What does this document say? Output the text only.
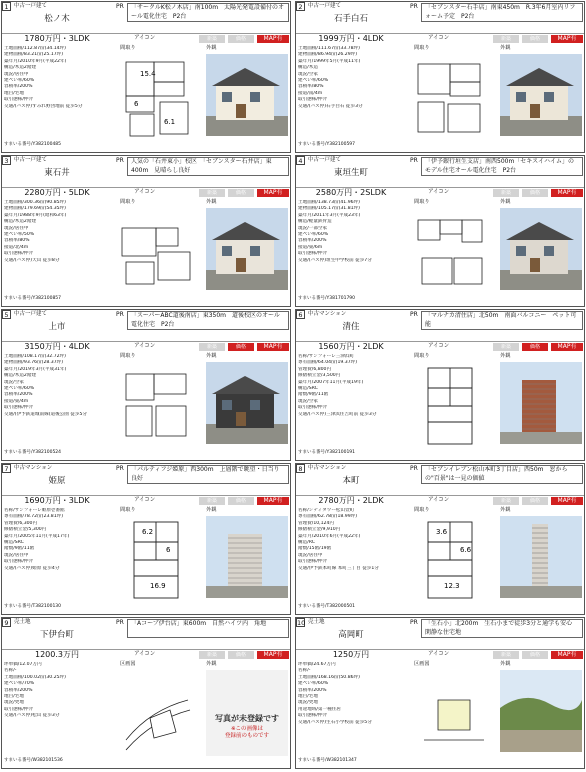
1 中古一戸建て
松ノ木
PR	「サークルK松ノ木店」南100m　太陽光発電設備付のオール電化住宅　P2台
1780万円・3LDK	アイコン	新築	価格	MAP有
土地面積/112.87㎡(34.14坪)
建物面積/83.21㎡(25.17坪)
築年月/2010年9月(平成22年)
構造/木造2階建
現況/居住中
建ぺい率/60%
容積率/200%
地目/宅地
取引態様/仲介
交通/(バス停)すみれ野団地前 徒歩5分
すまいる番号/Y382100485
間取り	外観
15.4
6
6.1
2 中古一戸建て
石手白石
PR	「セブンスター石手店」南東450m　R.3年6月室内リフォーム予定　P2台
1999万円・4LDK	アイコン	新築	価格	MAP有
土地面積/111.67㎡(33.78坪)
建物面積/86.94㎡(26.29坪)
築年月/1999年5月(平成11年)
構造/木造
現況/空家
建ぺい率/60%
容積率/80%
接道/南/4m
取引態様/仲介
交通/(バス停)石手白石 徒歩3分
すまいる番号/Y382100597
間取り	外観
3 中古一戸建て
東石井
PR	人気の「石井東小」校区　「セブンスター石井店」東400m　見晴らし良好
2280万円・5LDK	アイコン	新築	価格	MAP有
土地面積/300.36㎡(90.85坪)
建物面積/179.69㎡(54.35坪)
築年月/1988年9月(昭和63年)
構造/木造2階建
現況/居住中
建ぺい率/50%
容積率/80%
接道/北/4m
取引態様/仲介
交通/(バス停)天山 徒歩8分
すまいる番号/Y382100857
間取り	外観
4 中古一戸建て
東垣生町
PR	「伊予銀行垣生支店」南西500m「セキスイハイム」のモデル住宅オール電化住宅　P2台
2580万円・2SLDK	アイコン	新築	価格	MAP有
土地面積/138.73㎡(41.96坪)
建物面積/105.17㎡(31.81坪)
築年月/2011年3月(平成23年)
構造/軽量鉄骨造
現況/一部空家
建ぺい率/60%
容積率/200%
接道/東/6m
取引態様/仲介
交通/(バス停)垣生中学校前 徒歩7分
すまいる番号/Y381701790
間取り	外観
5 中古一戸建て
上市
PR	「スーパーABC道後南店」東350m　道後校区のオール電化住宅　P2台
3150万円・4LDK	アイコン	新築	価格	MAP有
土地面積/108.17㎡(32.72坪)
建物面積/93.76㎡(28.37坪)
築年月/2019年3月(平成31年)
構造/木造2階建
現況/空家
建ぺい率/60%
容積率/200%
接道/東/4m
取引態様/仲介
交通/(伊予鉄道城南線)道後公園 徒歩5分
すまいる番号/Y382100524
間取り	外観
6 中古マンション
清住
PR	「マルナカ清住店」北50m　南面バルコニー　ペット可能
1560万円・2LDK	アイコン	新築	価格	MAP有
名称/サンフォーレ三津浜町
専有面積/64.04㎡(19.37坪)
管理費/6,800円
修繕積立金/3,500円
築年月/2007年11月(平成19年)
構造/SRC
階数/9階/11階
現況/空家
取引態様/仲介
交通/(バス停)三津浜住吉町前 徒歩3分
すまいる番号/Y382100191
間取り	外観
7 中古マンション
姫原
PR	「パルティフジ姫原」西300m　上層階で眺望・日当り良好
1690万円・3LDK	アイコン	新築	価格	MAP有
名称/サンフォーレ姫原壱番館
専有面積/78.72㎡(23.81坪)
管理費/6,300円
修繕積立金/5,300円
築年月/2005年11月(平成17年)
構造/SRC
階数/9階/11階
現況/居住中
取引態様/仲介
交通/(バス停)姫原 徒歩4分
すまいる番号/T382100130
間取り	外観
6.2
6
16.9
8 中古マンション
本町
PR	「セブンイレブン松山本町3丁目店」西50m　窓からの"百景"は一見の価値
2780万円・2LDK	アイコン	新築	価格	MAP有
名称/シティタワー松山萱町
専有面積/62.78㎡(18.99坪)
管理費/10,124円
修繕積立金/9,910円
築年月/2010年6月(平成22年)
構造/RC
階数/15階/19階
現況/居住中
取引態様/仲介
交通/伊予鉄本町線 本町三丁目 徒歩1分
すまいる番号/T382000501
間取り	外観
3.6
6.6
12.3
9 売土地
下伊台町
PR	「Aコープ伊台店」東600m　自然ハイツ内　角地
1200.3万円	アイコン	新築	価格	MAP有
坪単価/12.07万円
名称/-
土地面積/100.02㎡(30.25坪)
建ぺい率/70%
容積率/200%
地目/宅地
現況/更地
取引態様/仲介
交通/(バス停)松山 徒歩3分
すまいる番号/W382101536
区画図	外観
写真が未登録です
※この画像は
登録前のものです
10 売土地
高岡町
PR	「生石小」北200m　生石小まで徒歩3分と通学も安心　閑静な住宅地
1250万円	アイコン	新築	価格	MAP有
坪単価/24.67万円
名称/-
土地面積/168.16㎡(50.86坪)
建ぺい率/60%
容積率/200%
地目/宅地
現況/更地
用途地域/第一種住居
取引態様/仲介
交通/(バス停)生石小学校前 徒歩5分
すまいる番号/W382101347
区画図	外観
